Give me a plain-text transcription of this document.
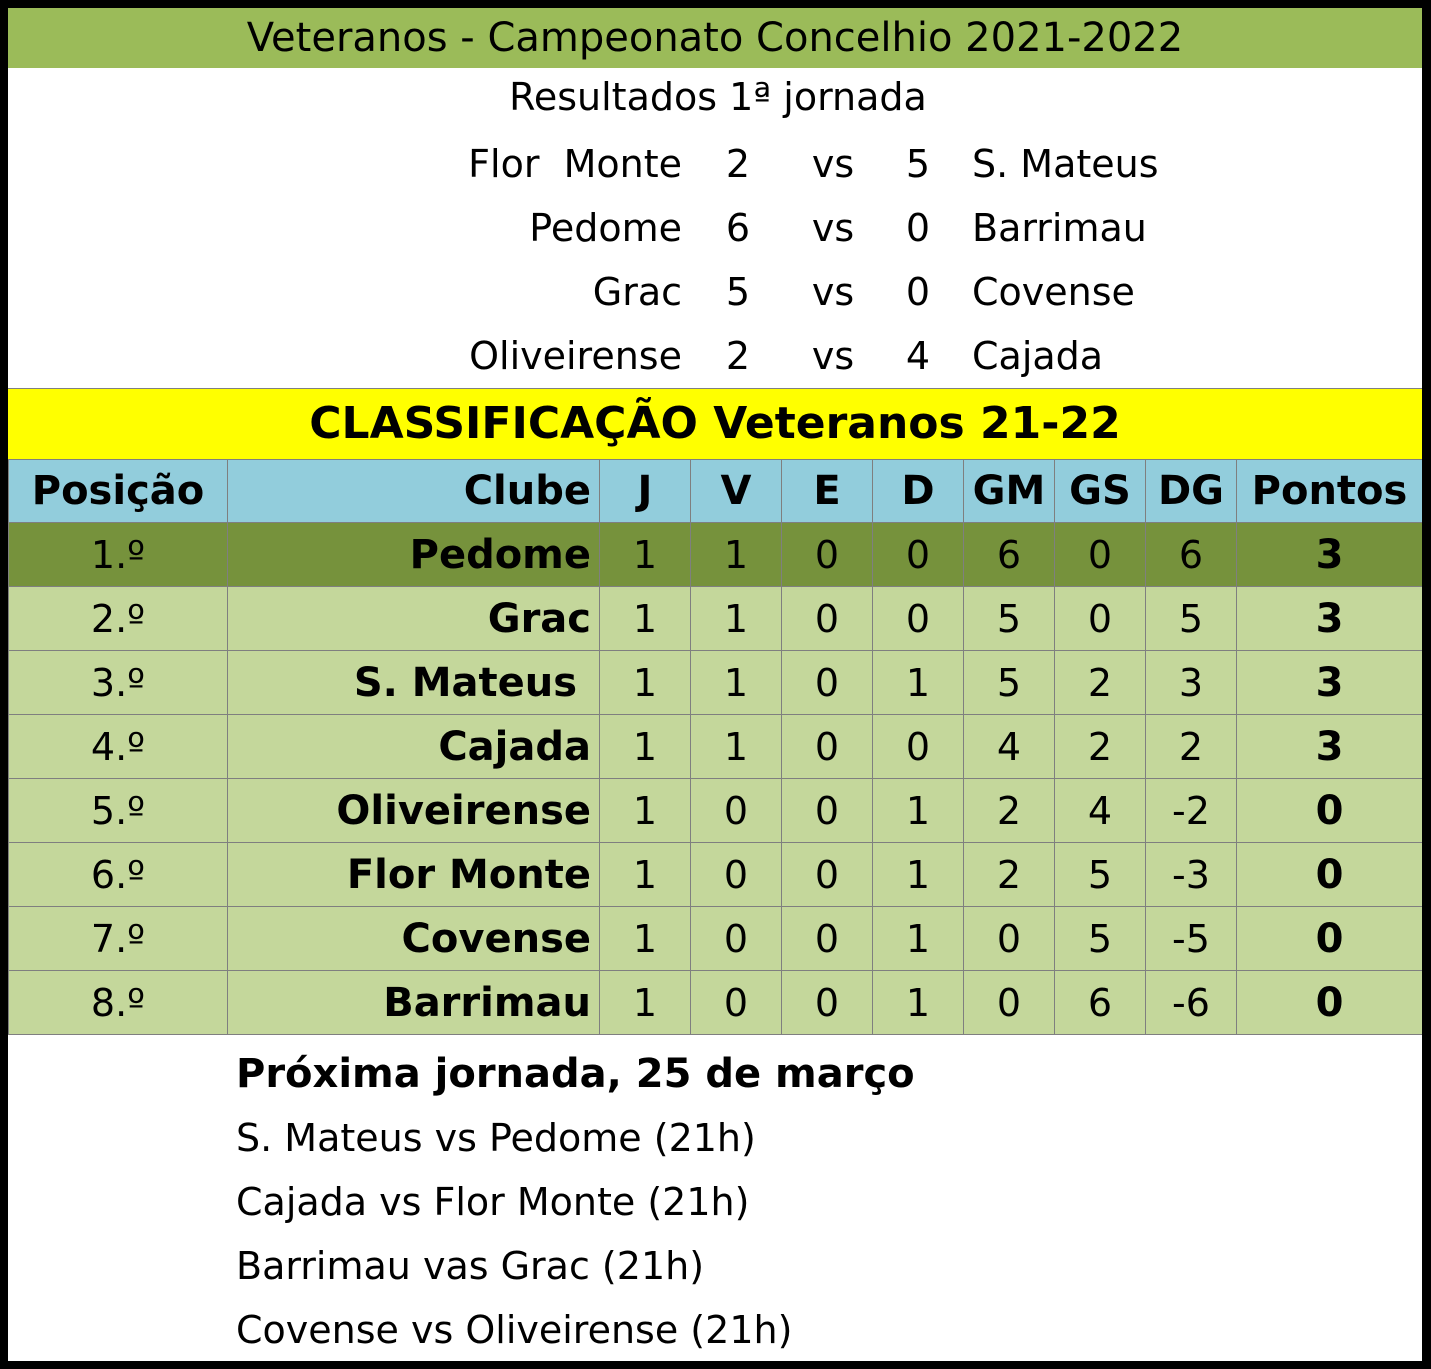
Veteranos - Campeonato Concelhio 2021-2022
Resultados 1ª jornada
Flor  Monte	2	vs	5	S. Mateus
Pedome	6	vs	0	Barrimau
Grac	5	vs	0	Covense
Oliveirense	2	vs	4	Cajada
CLASSIFICAÇÃO Veteranos 21-22
Posição	Clube	J	V	E	D	GM	GS	DG	Pontos
1.º	Pedome	1	1	0	0	6	0	6	3
2.º	Grac	1	1	0	0	5	0	5	3
3.º	S. Mateus	1	1	0	1	5	2	3	3
4.º	Cajada	1	1	0	0	4	2	2	3
5.º	Oliveirense	1	0	0	1	2	4	-2	0
6.º	Flor Monte	1	0	0	1	2	5	-3	0
7.º	Covense	1	0	0	1	0	5	-5	0
8.º	Barrimau	1	0	0	1	0	6	-6	0
Próxima jornada, 25 de março
S. Mateus vs Pedome (21h)
Cajada vs Flor Monte (21h)
Barrimau vas Grac (21h)
Covense vs Oliveirense (21h)
